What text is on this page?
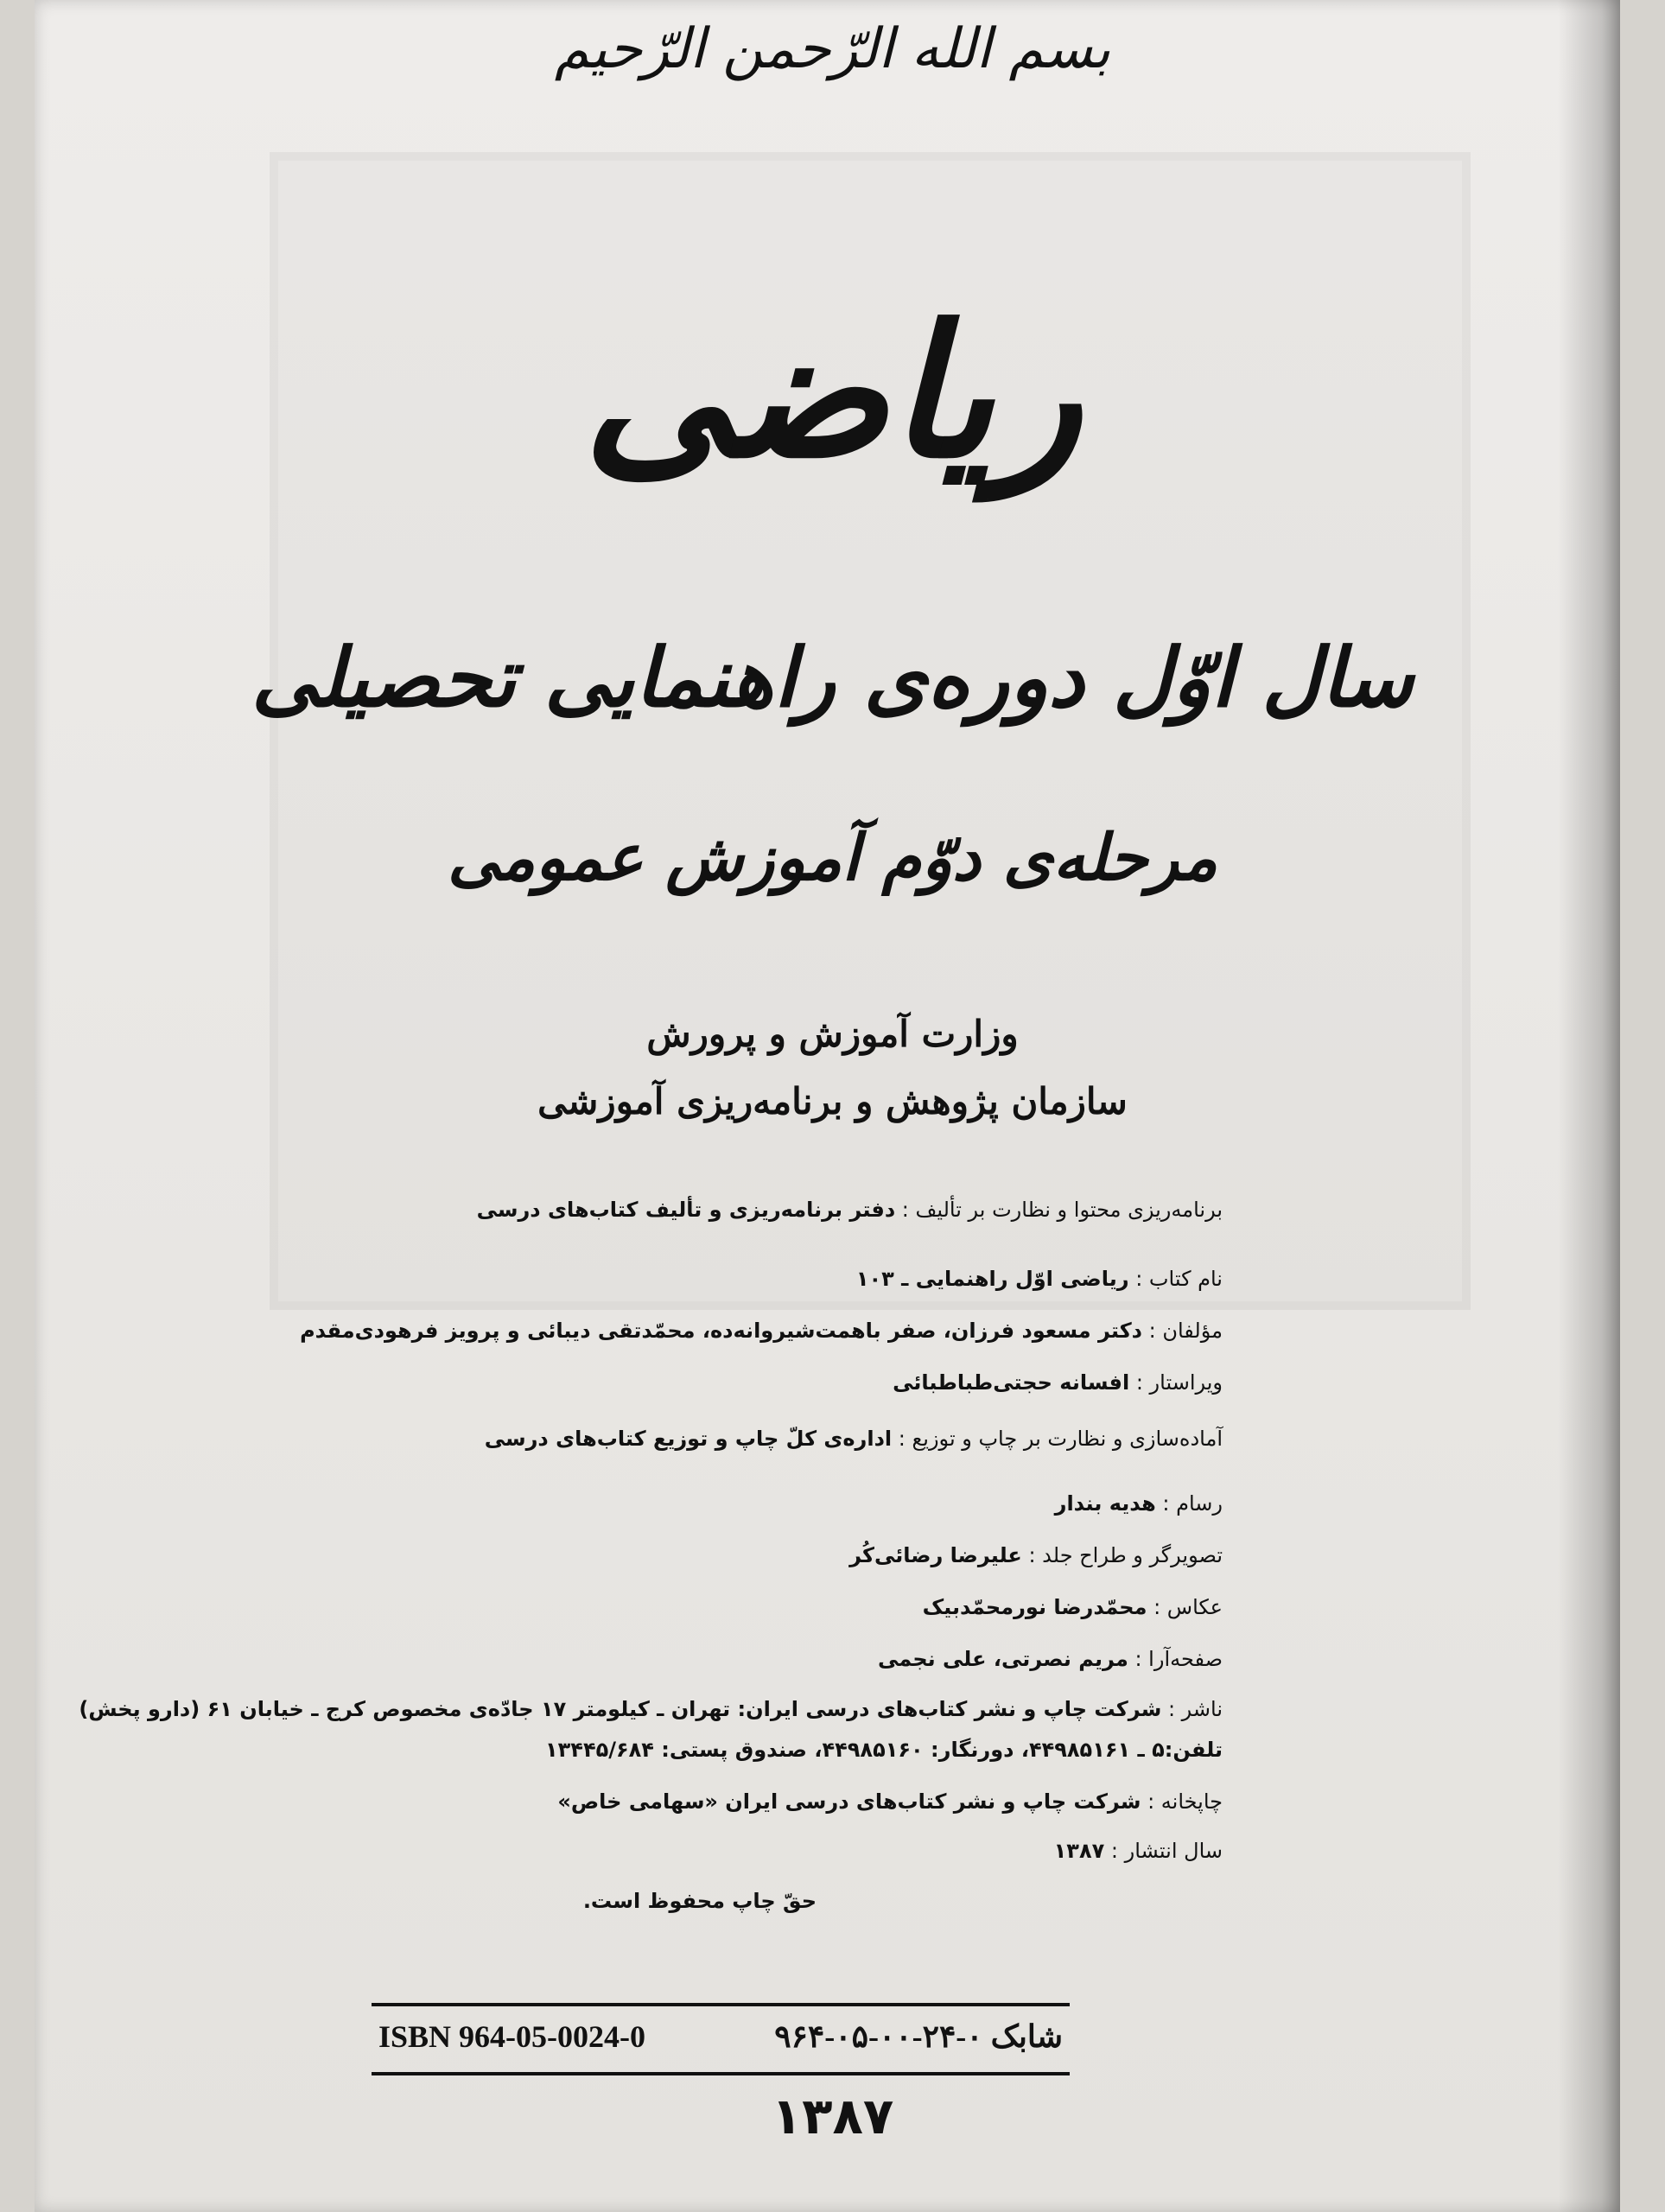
بسم الله الرّحمن الرّحیم
ریاضی
سال اوّل دوره‌ی راهنمایی تحصیلی
مرحله‌ی دوّم آموزش عمومی
وزارت آموزش و پرورش
سازمان پژوهش و برنامه‌ریزی آموزشی
برنامه‌ریزی محتوا و نظارت بر تألیف : دفتر برنامه‌ریزی و تألیف کتاب‌های درسی
نام کتاب : ریاضی اوّل راهنمایی ـ ۱۰۳
مؤلفان : دکتر مسعود فرزان، صفر باهمت‌شیروانه‌ده، محمّدتقی دیبائی و پرویز فرهودی‌مقدم
ویراستار : افسانه حجتی‌طباطبائی
آماده‌سازی و نظارت بر چاپ و توزیع : اداره‌ی کلّ چاپ و توزیع کتاب‌های درسی
رسام : هدیه بندار
تصویرگر و طراح جلد : علیرضا رضائی‌کُر
عکاس : محمّدرضا نورمحمّدبیک
صفحه‌آرا : مریم نصرتی، علی نجمی
ناشر : شرکت چاپ و نشر کتاب‌های درسی ایران: تهران ـ کیلومتر ۱۷ جادّه‌ی مخصوص کرج ـ خیابان ۶۱ (دارو پخش)
تلفن:۵ ـ ۴۴۹۸۵۱۶۱، دورنگار: ۴۴۹۸۵۱۶۰، صندوق پستی: ۱۳۴۴۵/۶۸۴
چاپخانه : شرکت چاپ و نشر کتاب‌های درسی ایران «سهامی خاص»
سال انتشار : ۱۳۸۷
حقّ چاپ محفوظ است.
ISBN 964-05-0024-0	شابک ۰-۲۴-۰۰-۰۵-۹۶۴
۱۳۸۷
